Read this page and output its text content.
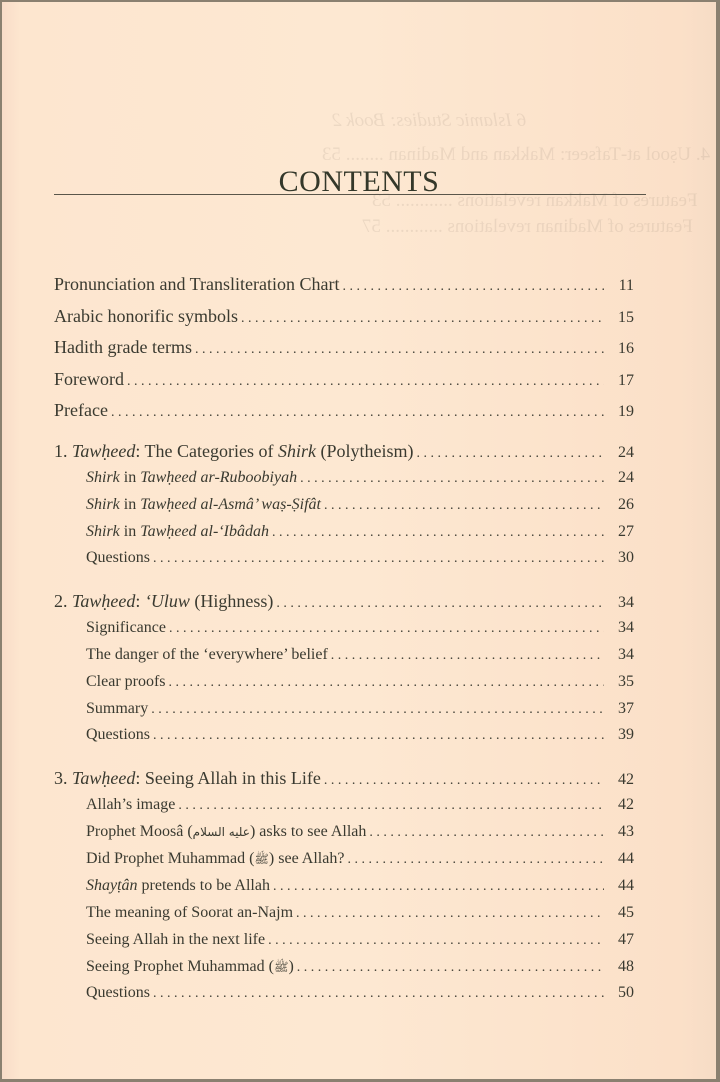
6 Islamic Studies: Book 2
4. Uṣool at-Tafseer: Makkan and Madinan ........ 53
Features of Makkan revelations ............ 53
Features of Madinan revelations ............ 57
CONTENTS
Pronunciation and Transliteration Chart . . .	11
Arabic honorific symbols . . .	15
Hadith grade terms . . .	16
Foreword . . .	17
Preface . . .	19
1. Tawḥeed: The Categories of Shirk (Polytheism) . . .	24
Shirk in Tawḥeed ar-Ruboobiyah . . .	24
Shirk in Tawḥeed al-Asmâ’ waṣ-Ṣifât . . .	26
Shirk in Tawḥeed al-‘Ibâdah . . .	27
Questions . . .	30
2. Tawḥeed: ‘Uluw (Highness) . . .	34
Significance . . .	34
The danger of the ‘everywhere’ belief . . .	34
Clear proofs . . .	35
Summary . . .	37
Questions . . .	39
3. Tawḥeed: Seeing Allah in this Life . . .	42
Allah’s image . . .	42
Prophet Moosâ (عليه السلام) asks to see Allah . . .	43
Did Prophet Muhammad (ﷺ) see Allah? . . .	44
Shayṭân pretends to be Allah . . .	44
The meaning of Soorat an-Najm . . .	45
Seeing Allah in the next life . . .	47
Seeing Prophet Muhammad (ﷺ) . . .	48
Questions . . .	50
